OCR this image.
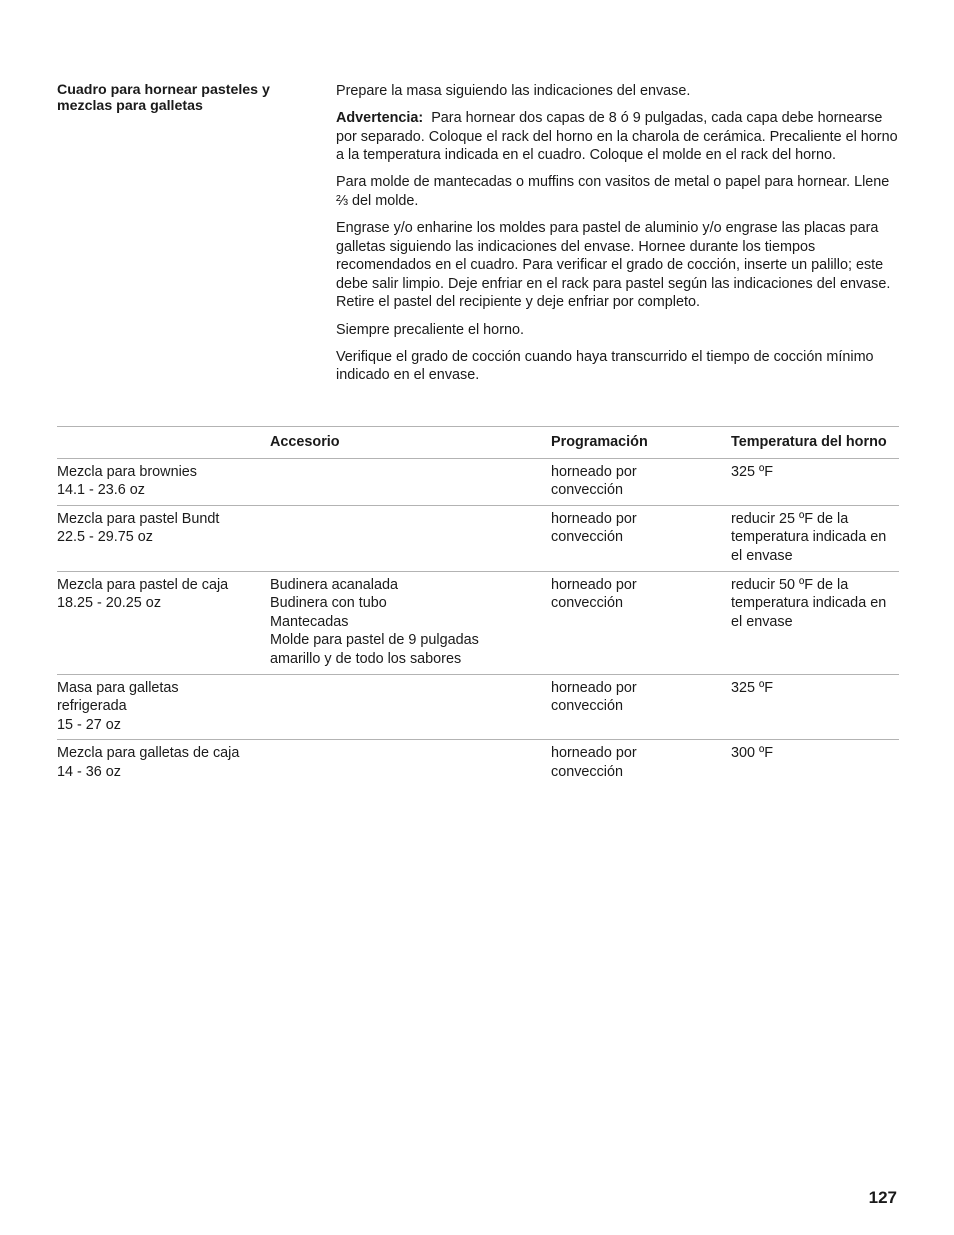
Cuadro para hornear pasteles y mezclas para galletas

Prepare la masa siguiendo las indicaciones del envase.

Advertencia: Para hornear dos capas de 8 ó 9 pulgadas, cada capa debe hornearse por separado. Coloque el rack del horno en la charola de cerámica. Precaliente el horno a la temperatura indicada en el cuadro. Coloque el molde en el rack del horno.

Para molde de mantecadas o muffins con vasitos de metal o papel para hornear. Llene ⅔ del molde.

Engrase y/o enharine los moldes para pastel de aluminio y/o engrase las placas para galletas siguiendo las indicaciones del envase. Hornee durante los tiempos recomendados en el cuadro. Para verificar el grado de cocción, inserte un palillo; este debe salir limpio. Deje enfriar en el rack para pastel según las indicaciones del envase. Retire el pastel del recipiente y deje enfriar por completo.

Siempre precaliente el horno.

Verifique el grado de cocción cuando haya transcurrido el tiempo de cocción mínimo indicado en el envase.

Accesorio	Programación	Temperatura del horno
Mezcla para brownies
14.1 - 23.6 oz
horneado por
convección
325 ºF
Mezcla para pastel Bundt
22.5 - 29.75 oz
horneado por
convección
reducir 25 ºF de la
temperatura indicada en
el envase
Mezcla para pastel de caja
18.25 - 20.25 oz
Budinera acanalada
Budinera con tubo
Mantecadas
Molde para pastel de 9 pulgadas
amarillo y de todo los sabores
horneado por
convección
reducir 50 ºF de la
temperatura indicada en
el envase
Masa para galletas
refrigerada
15 - 27 oz
horneado por
convección
325 ºF
Mezcla para galletas de caja
14 - 36 oz
horneado por
convección
300 ºF
127
